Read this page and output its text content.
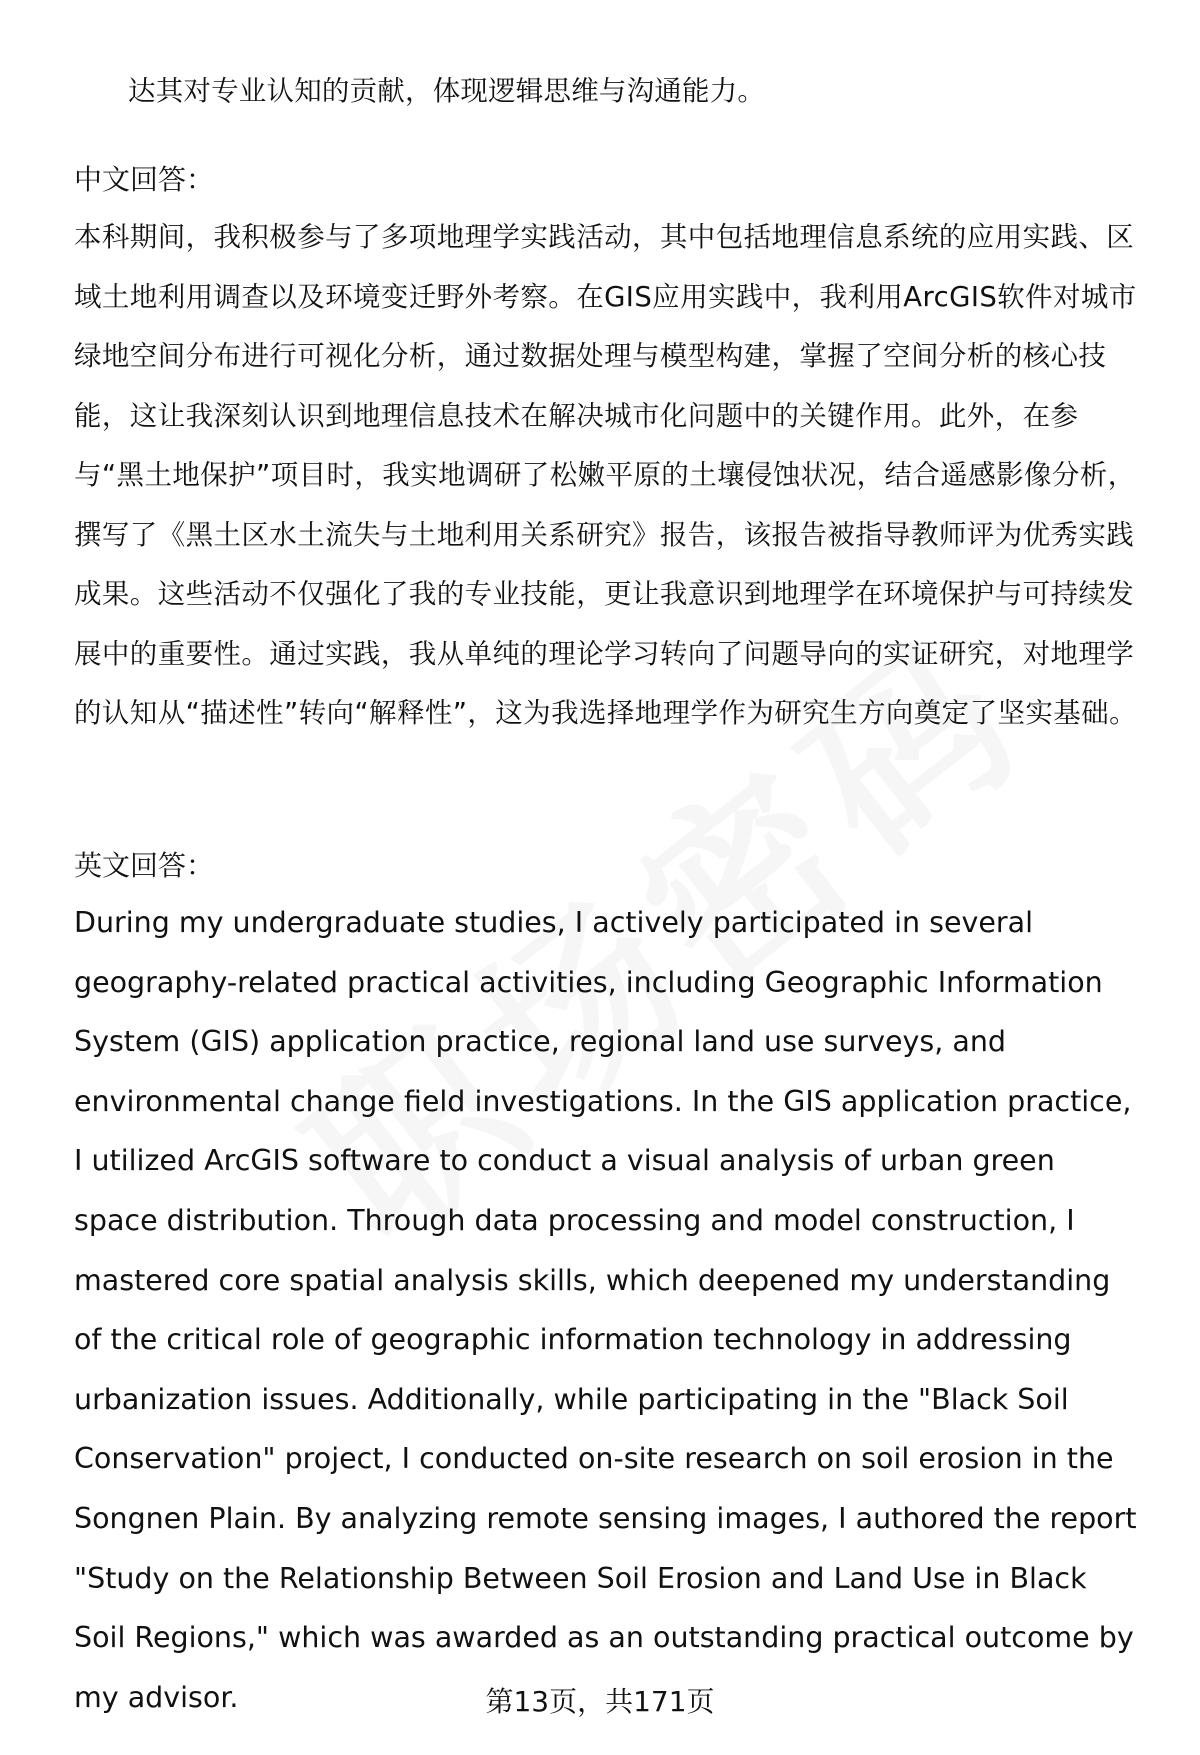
达其对专业认知的贡献，体现逻辑思维与沟通能力。

中文回答：

本科期间，我积极参与了多项地理学实践活动，其中包括地理信息系统的应用实践、区域土地利用调查以及环境变迁野外考察。在GIS应用实践中，我利用ArcGIS软件对城市绿地空间分布进行可视化分析，通过数据处理与模型构建，掌握了空间分析的核心技能，这让我深刻认识到地理信息技术在解决城市化问题中的关键作用。此外，在参与“黑土地保护”项目时，我实地调研了松嫩平原的土壤侵蚀状况，结合遥感影像分析，撰写了《黑土区水土流失与土地利用关系研究》报告，该报告被指导教师评为优秀实践成果。这些活动不仅强化了我的专业技能，更让我意识到地理学在环境保护与可持续发展中的重要性。通过实践，我从单纯的理论学习转向了问题导向的实证研究，对地理学的认知从“描述性”转向“解释性”，这为我选择地理学作为研究生方向奠定了坚实基础。

英文回答：

During my undergraduate studies, I actively participated in several geography-related practical activities, including Geographic Information System (GIS) application practice, regional land use surveys, and environmental change field investigations. In the GIS application practice, I utilized ArcGIS software to conduct a visual analysis of urban green space distribution. Through data processing and model construction, I mastered core spatial analysis skills, which deepened my understanding of the critical role of geographic information technology in addressing urbanization issues. Additionally, while participating in the "Black Soil Conservation" project, I conducted on-site research on soil erosion in the Songnen Plain. By analyzing remote sensing images, I authored the report "Study on the Relationship Between Soil Erosion and Land Use in Black Soil Regions," which was awarded as an outstanding practical outcome by my advisor.	第13页，共171页
